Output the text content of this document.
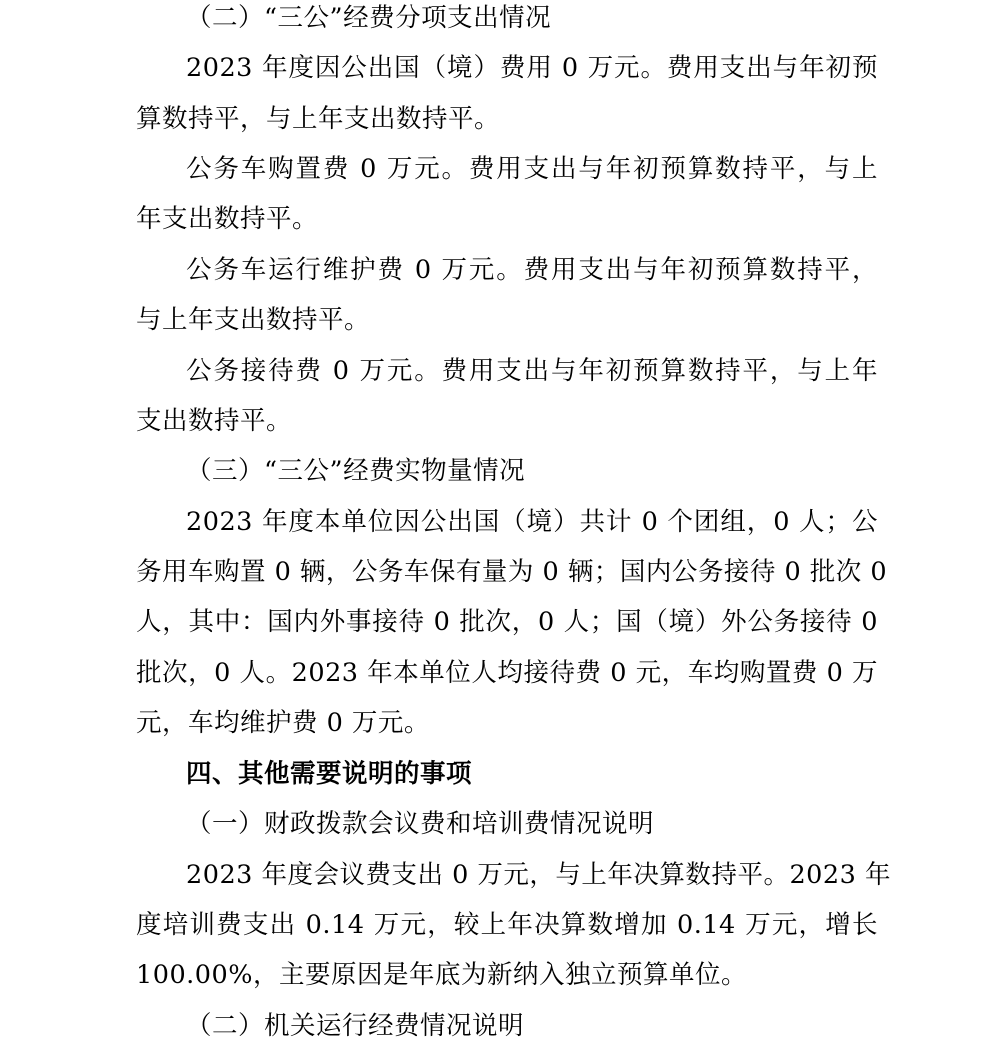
（二）“三公”经费分项支出情况
2023 年度因公出国（境）费用 0 万元。费用支出与年初预
算数持平，与上年支出数持平。
公务车购置费 0 万元。费用支出与年初预算数持平，与上
年支出数持平。
公务车运行维护费 0 万元。费用支出与年初预算数持平，
与上年支出数持平。
公务接待费 0 万元。费用支出与年初预算数持平，与上年
支出数持平。
（三）“三公”经费实物量情况
2023 年度本单位因公出国（境）共计 0 个团组，0 人；公
务用车购置 0 辆，公务车保有量为 0 辆；国内公务接待 0 批次 0
人，其中：国内外事接待 0 批次，0 人；国（境）外公务接待 0
批次，0 人。2023 年本单位人均接待费 0 元，车均购置费 0 万
元，车均维护费 0 万元。
四、其他需要说明的事项
（一）财政拨款会议费和培训费情况说明
2023 年度会议费支出 0 万元，与上年决算数持平。2023 年
度培训费支出 0.14 万元，较上年决算数增加 0.14 万元，增长
100.00%，主要原因是年底为新纳入独立预算单位。
（二）机关运行经费情况说明
